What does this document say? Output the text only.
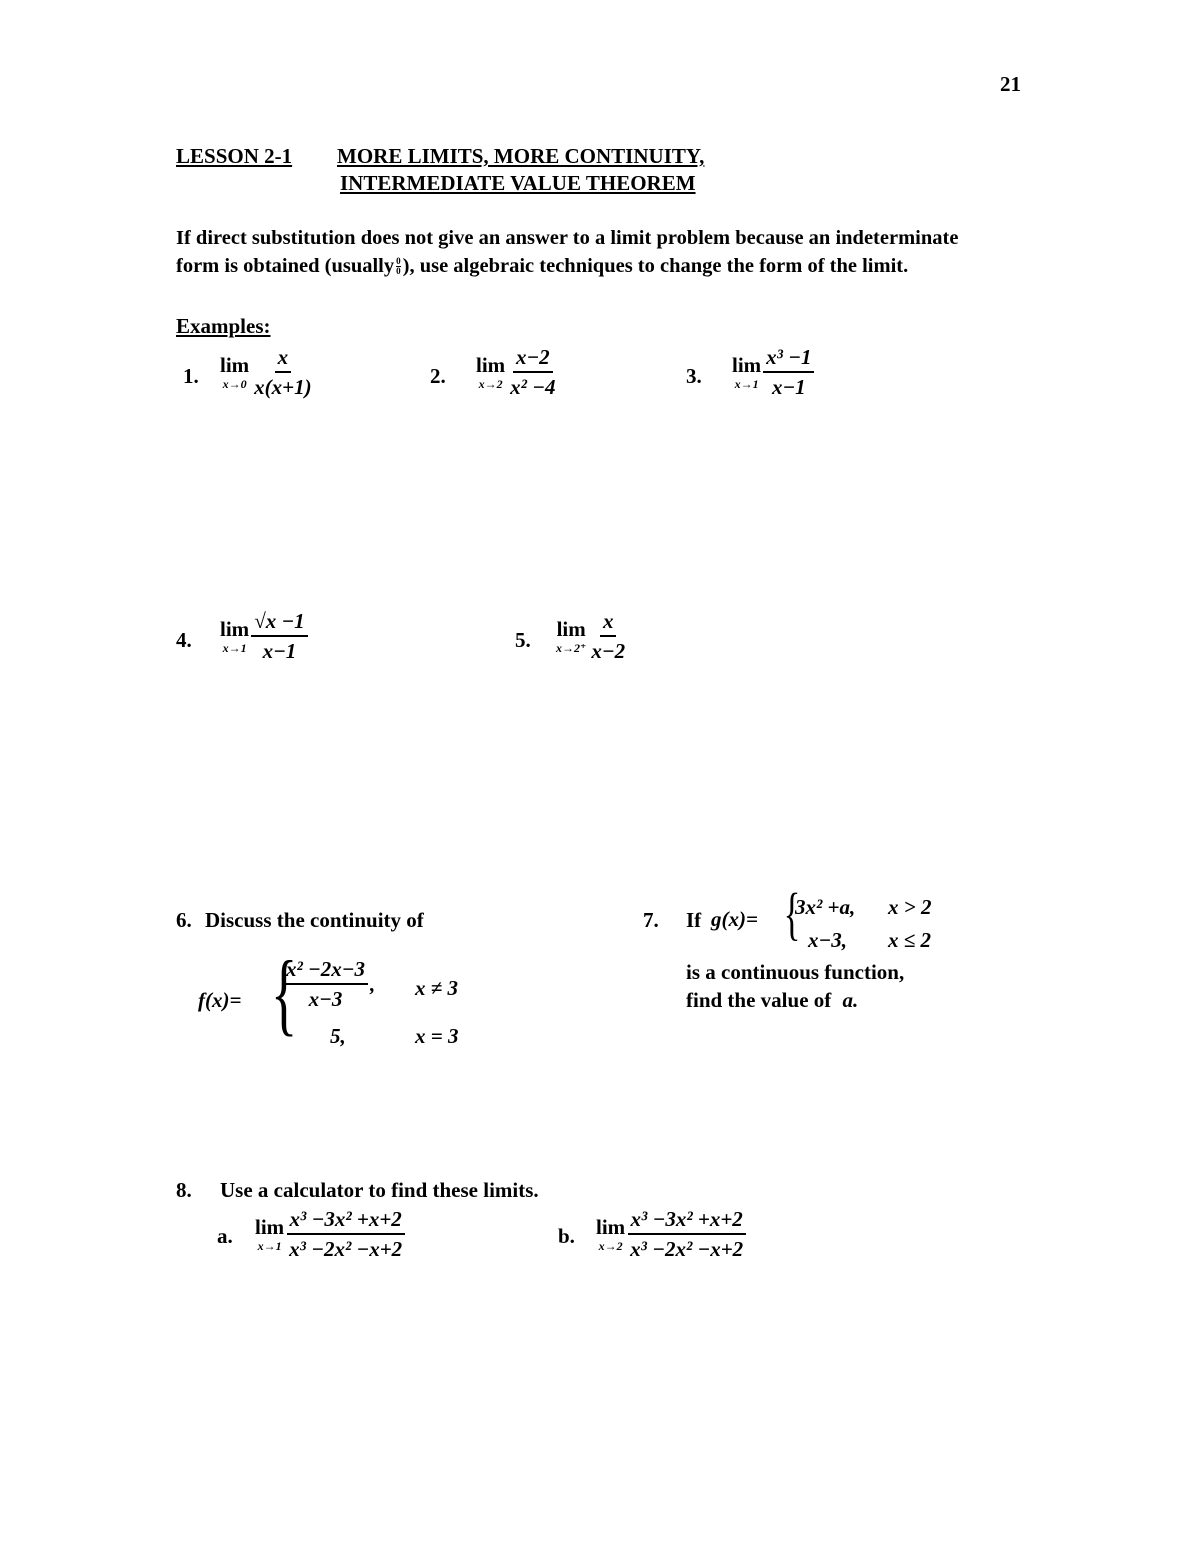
21
LESSON 2-1 MORE LIMITS, MORE CONTINUITY,
INTERMEDIATE VALUE THEOREM
If direct substitution does not give an answer to a limit problem because an indeterminate
form is obtained (usually $\frac{0}{0}$ ), use algebraic techniques to change the form of the limit.
Examples:
1. lim
$x\to 0 \frac{x}{x(x+1)}$	2. lim
$x\to 2 \frac{x-2}{\text{x² −4}}$	3. lim
$x\to 1 \frac{\text{x³ −1}}{x-1}$
4. lim
$x\to 1 \frac{√x -1}{x-1}$	5. lim
$x\to 2^+ \frac{x}{x-2}$
6. Discuss the continuity of
f(x)= {
$\frac{\text{x² −2x−3}}{x-3}$ , x ≠ 3
5,	x = 3
7. If g(x)= {
3x² +a, x > 2
x−3, x ≤ 2
is a continuous function,
find the value of a.
8. Use a calculator to find these limits.
a. lim
$x\to 1 \frac{\text{x³ −3x² +x+2}}{\text{x³ −2x² −x+2}}$	b. lim
$x\to 2 \frac{\text{x³ −3x² +x+2}}{\text{x³ −2x² −x+2}}$
